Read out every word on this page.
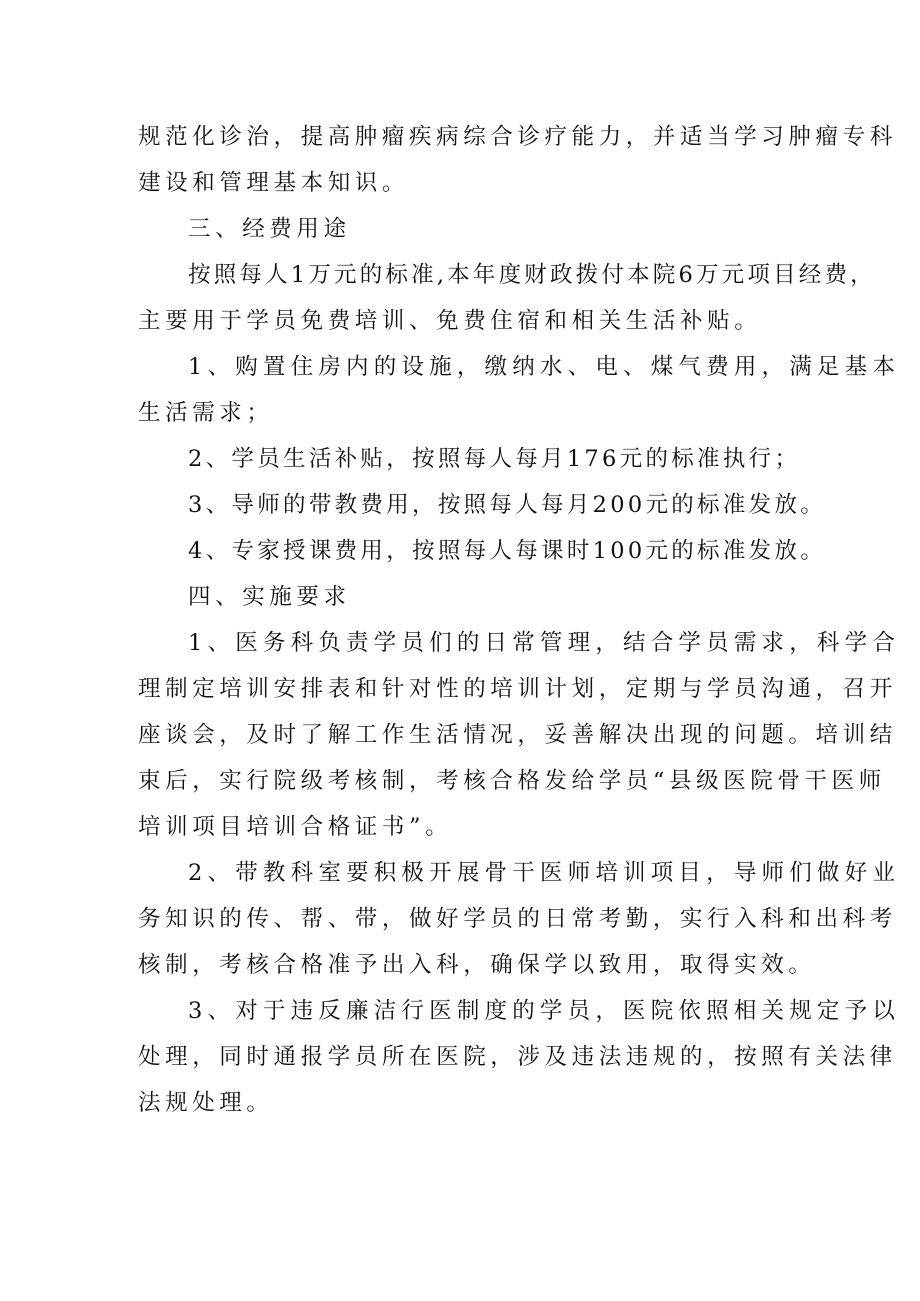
规范化诊治，提高肿瘤疾病综合诊疗能力，并适当学习肿瘤专科
建设和管理基本知识。
三、经费用途
按照每人1万元的标准,本年度财政拨付本院6万元项目经费，
主要用于学员免费培训、免费住宿和相关生活补贴。
1、购置住房内的设施，缴纳水、电、煤气费用，满足基本
生活需求；
2、学员生活补贴，按照每人每月176元的标准执行；
3、导师的带教费用，按照每人每月200元的标准发放。
4、专家授课费用，按照每人每课时100元的标准发放。
四、实施要求
1、医务科负责学员们的日常管理，结合学员需求，科学合
理制定培训安排表和针对性的培训计划，定期与学员沟通，召开
座谈会，及时了解工作生活情况，妥善解决出现的问题。培训结
束后，实行院级考核制，考核合格发给学员“县级医院骨干医师
培训项目培训合格证书”。
2、带教科室要积极开展骨干医师培训项目，导师们做好业
务知识的传、帮、带，做好学员的日常考勤，实行入科和出科考
核制，考核合格准予出入科，确保学以致用，取得实效。
3、对于违反廉洁行医制度的学员，医院依照相关规定予以
处理，同时通报学员所在医院，涉及违法违规的，按照有关法律
法规处理。
